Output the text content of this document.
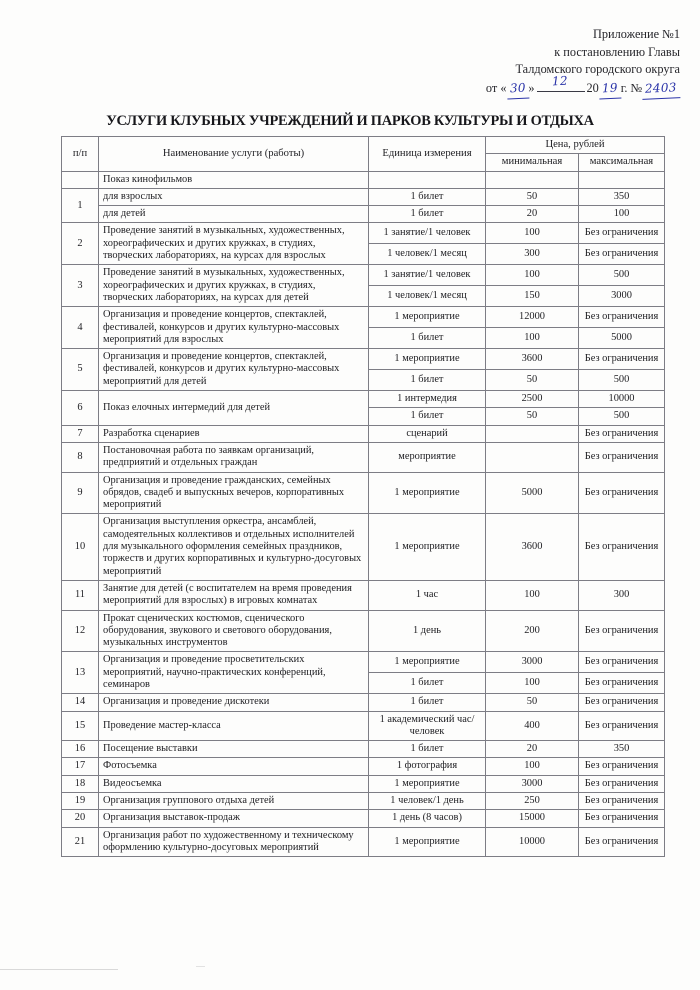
Приложение №1
к постановлению Главы
Талдомского городского округа
от « 30 » 12 20 19 г. № 2403
УСЛУГИ КЛУБНЫХ УЧРЕЖДЕНИЙ И ПАРКОВ КУЛЬТУРЫ И ОТДЫХА
п/п	Наименование услуги (работы)	Единица измерения	Цена, рублей	
			минимальная	максимальная
	Показ кинофильмов			
1	для взрослых	1 билет	50	350
	для детей	1 билет	20	100
2	Проведение занятий в музыкальных, художественных, хореографических и других кружках, в студиях, творческих лабораториях, на курсах для взрослых	1 занятие/1 человек	100	Без ограничения
		1 человек/1 месяц	300	Без ограничения
3	Проведение занятий в музыкальных, художественных, хореографических и других кружках, в студиях, творческих лабораториях, на курсах для детей	1 занятие/1 человек	100	500
		1 человек/1 месяц	150	3000
4	Организация и проведение концертов, спектаклей, фестивалей, конкурсов и других культурно-массовых мероприятий для взрослых	1 мероприятие	12000	Без ограничения
		1 билет	100	5000
5	Организация и проведение концертов, спектаклей, фестивалей, конкурсов и других культурно-массовых мероприятий для детей	1 мероприятие	3600	Без ограничения
		1 билет	50	500
6	Показ елочных интермедий для детей	1 интермедия	2500	10000
		1 билет	50	500
7	Разработка сценариев	сценарий		Без ограничения
8	Постановочная работа по заявкам организаций, предприятий и отдельных граждан	мероприятие		Без ограничения
9	Организация и проведение гражданских, семейных обрядов, свадеб и выпускных вечеров, корпоративных мероприятий	1 мероприятие	5000	Без ограничения
10	Организация выступления оркестра, ансамблей, самодеятельных коллективов и отдельных исполнителей для музыкального оформления семейных праздников, торжеств и других корпоративных и культурно-досуговых мероприятий	1 мероприятие	3600	Без ограничения
11	Занятие для детей (с воспитателем на время проведения мероприятий для взрослых) в игровых комнатах	1 час	100	300
12	Прокат сценических костюмов, сценического оборудования, звукового и светового оборудования, музыкальных инструментов	1 день	200	Без ограничения
13	Организация и проведение просветительских мероприятий, научно-практических конференций, семинаров	1 мероприятие	3000	Без ограничения
		1 билет	100	Без ограничения
14	Организация и проведение дискотеки	1 билет	50	Без ограничения
15	Проведение мастер-класса	1 академический час/человек	400	Без ограничения
16	Посещение выставки	1 билет	20	350
17	Фотосъемка	1 фотография	100	Без ограничения
18	Видеосъемка	1 мероприятие	3000	Без ограничения
19	Организация группового отдыха детей	1 человек/1 день	250	Без ограничения
20	Организация выставок-продаж	1 день (8 часов)	15000	Без ограничения
21	Организация работ по художественному и техническому оформлению культурно-досуговых мероприятий	1 мероприятие	10000	Без ограничения
